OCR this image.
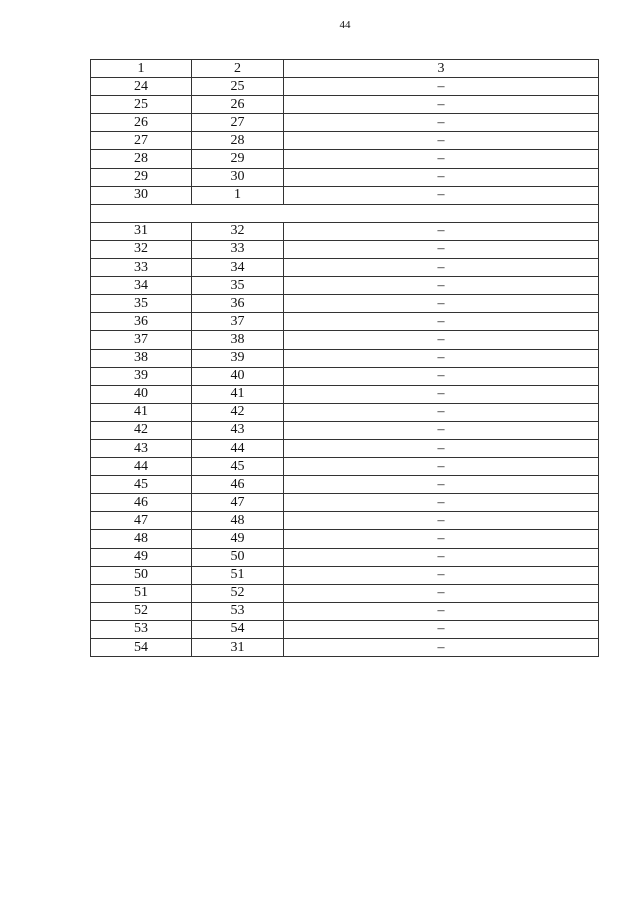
44
1	2	3
24	25	–
25	26	–
26	27	–
27	28	–
28	29	–
29	30	–
30	1	–

31	32	–
32	33	–
33	34	–
34	35	–
35	36	–
36	37	–
37	38	–
38	39	–
39	40	–
40	41	–
41	42	–
42	43	–
43	44	–
44	45	–
45	46	–
46	47	–
47	48	–
48	49	–
49	50	–
50	51	–
51	52	–
52	53	–
53	54	–
54	31	–
